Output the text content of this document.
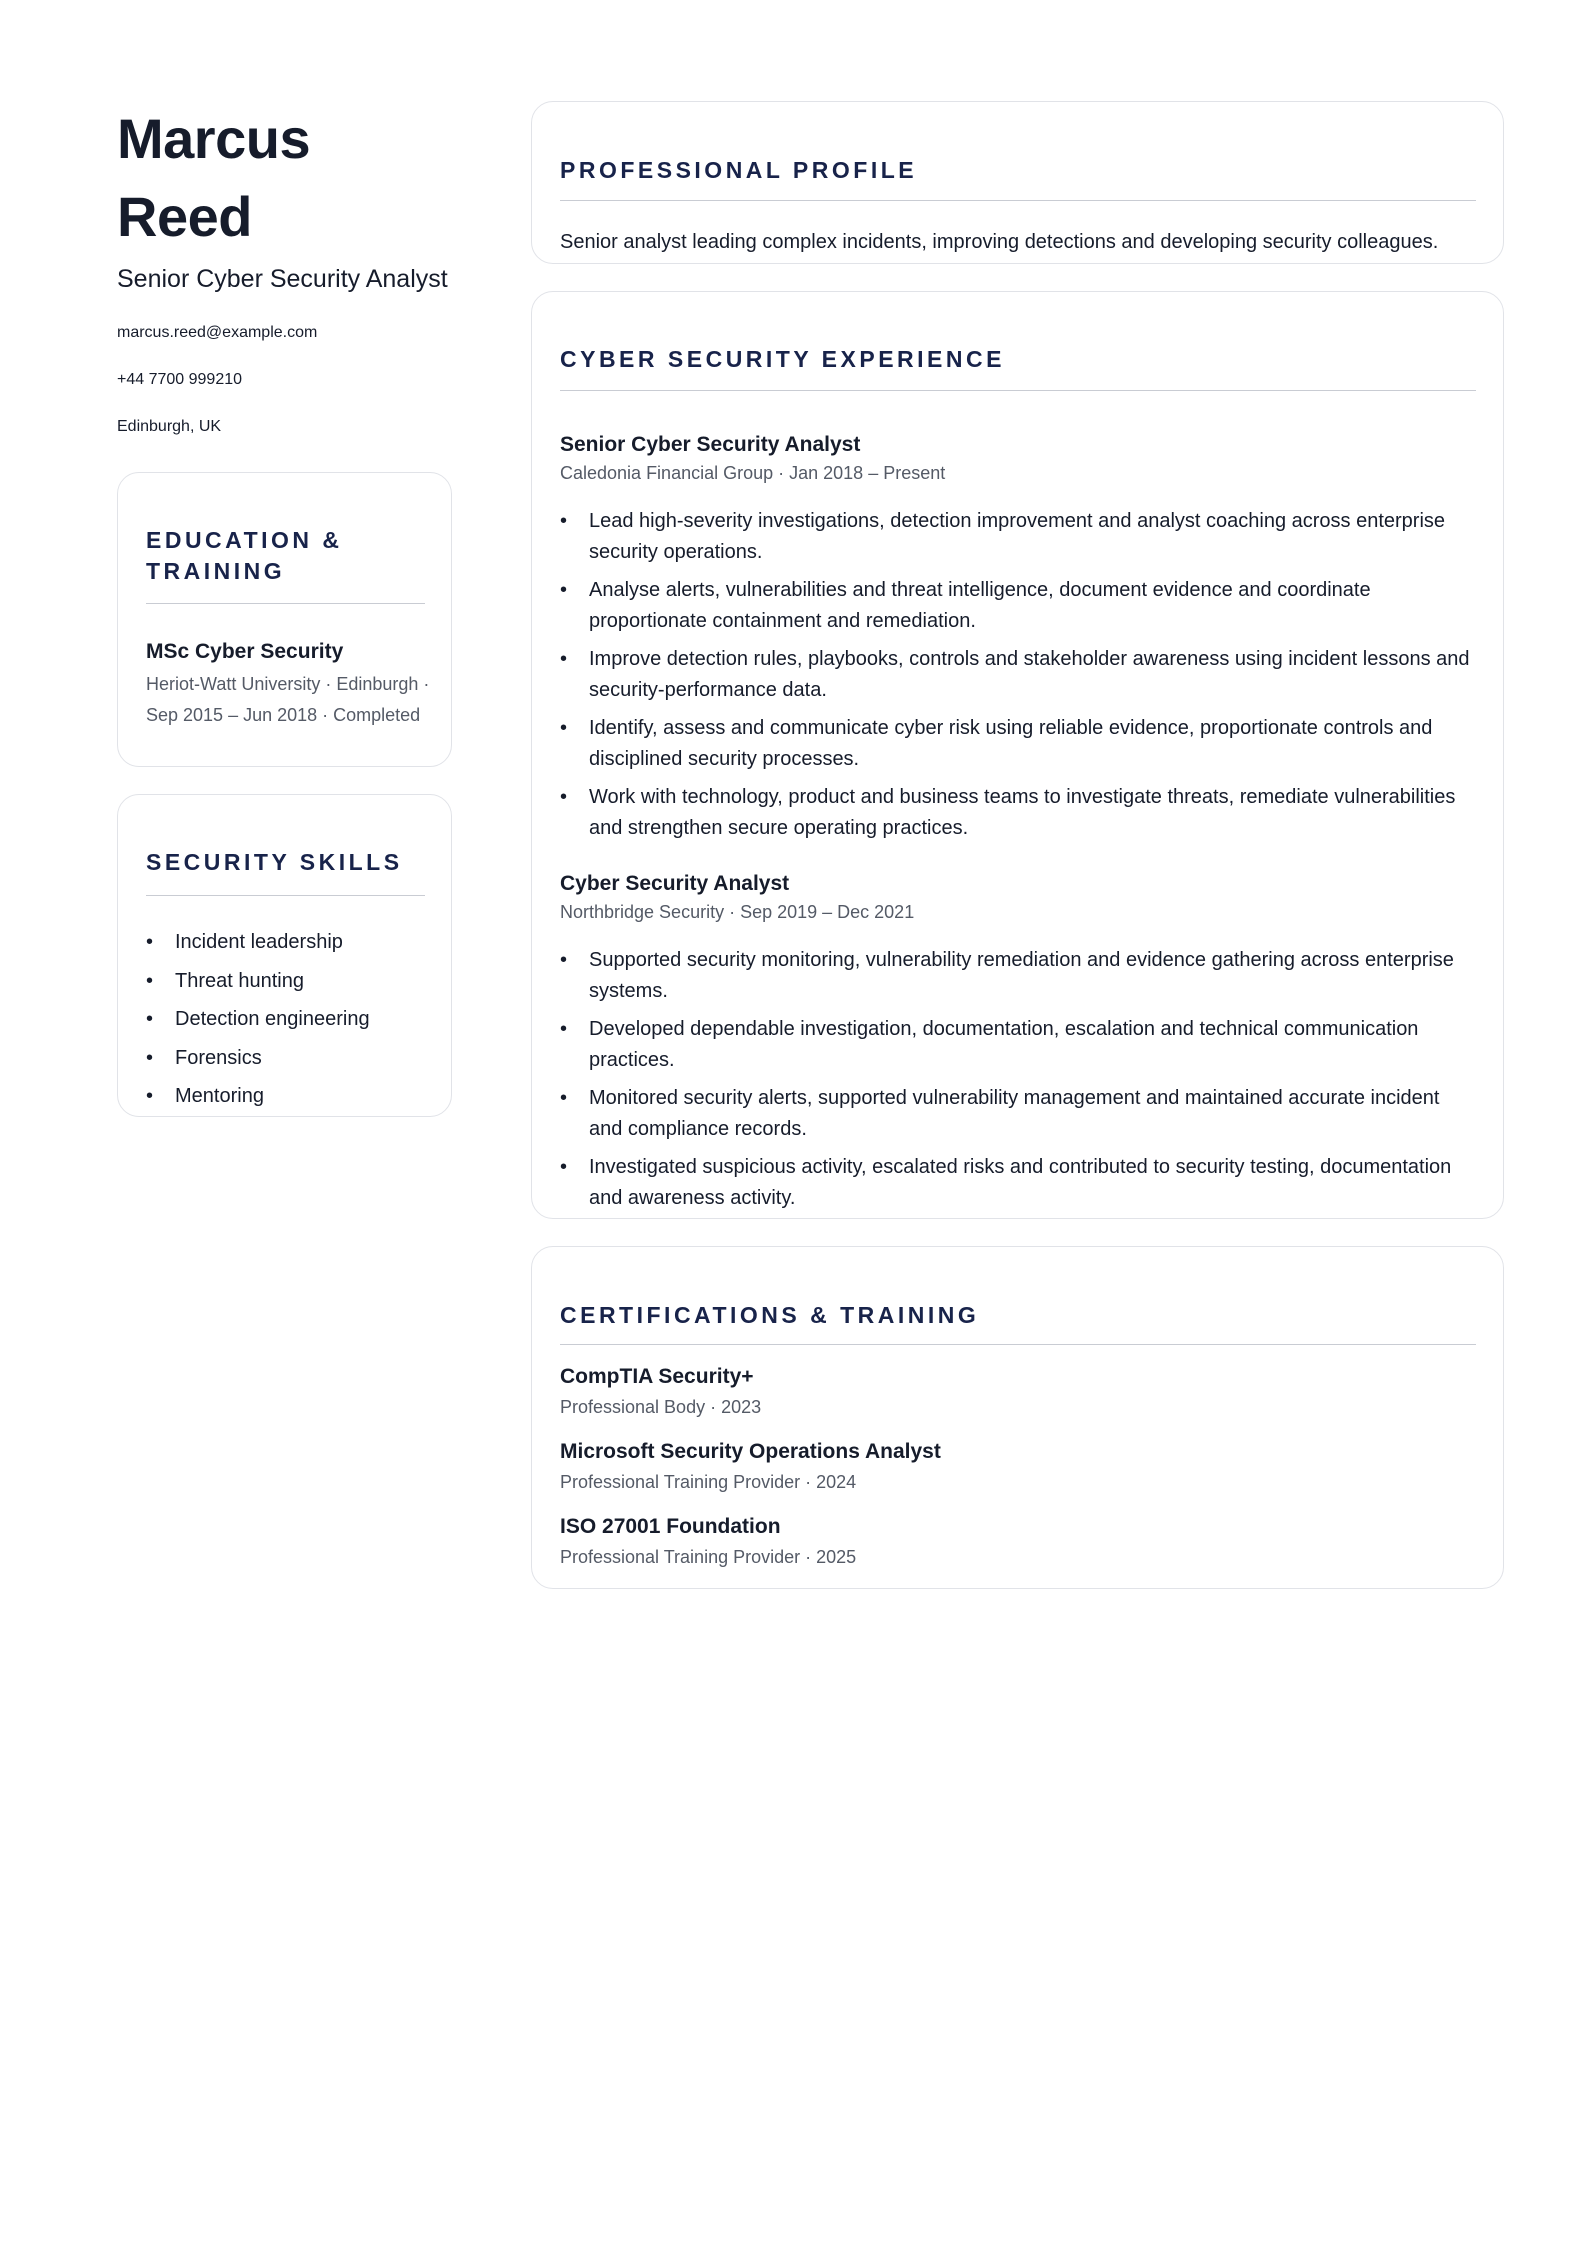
Marcus Reed
Senior Cyber Security Analyst
marcus.reed@example.com
+44 7700 999210
Edinburgh, UK
EDUCATION & TRAINING
MSc Cyber Security
Heriot-Watt University · Edinburgh · Sep 2015 – Jun 2018 · Completed
SECURITY SKILLS
• Incident leadership
• Threat hunting
• Detection engineering
• Forensics
• Mentoring
PROFESSIONAL PROFILE
Senior analyst leading complex incidents, improving detections and developing security colleagues.
CYBER SECURITY EXPERIENCE
Senior Cyber Security Analyst
Caledonia Financial Group · Jan 2018 – Present
• Lead high-severity investigations, detection improvement and analyst coaching across enterprise security operations.
• Analyse alerts, vulnerabilities and threat intelligence, document evidence and coordinate proportionate containment and remediation.
• Improve detection rules, playbooks, controls and stakeholder awareness using incident lessons and security-performance data.
• Identify, assess and communicate cyber risk using reliable evidence, proportionate controls and disciplined security processes.
• Work with technology, product and business teams to investigate threats, remediate vulnerabilities and strengthen secure operating practices.
Cyber Security Analyst
Northbridge Security · Sep 2019 – Dec 2021
• Supported security monitoring, vulnerability remediation and evidence gathering across enterprise systems.
• Developed dependable investigation, documentation, escalation and technical communication practices.
• Monitored security alerts, supported vulnerability management and maintained accurate incident and compliance records.
• Investigated suspicious activity, escalated risks and contributed to security testing, documentation and awareness activity.
CERTIFICATIONS & TRAINING
CompTIA Security+
Professional Body · 2023
Microsoft Security Operations Analyst
Professional Training Provider · 2024
ISO 27001 Foundation
Professional Training Provider · 2025
